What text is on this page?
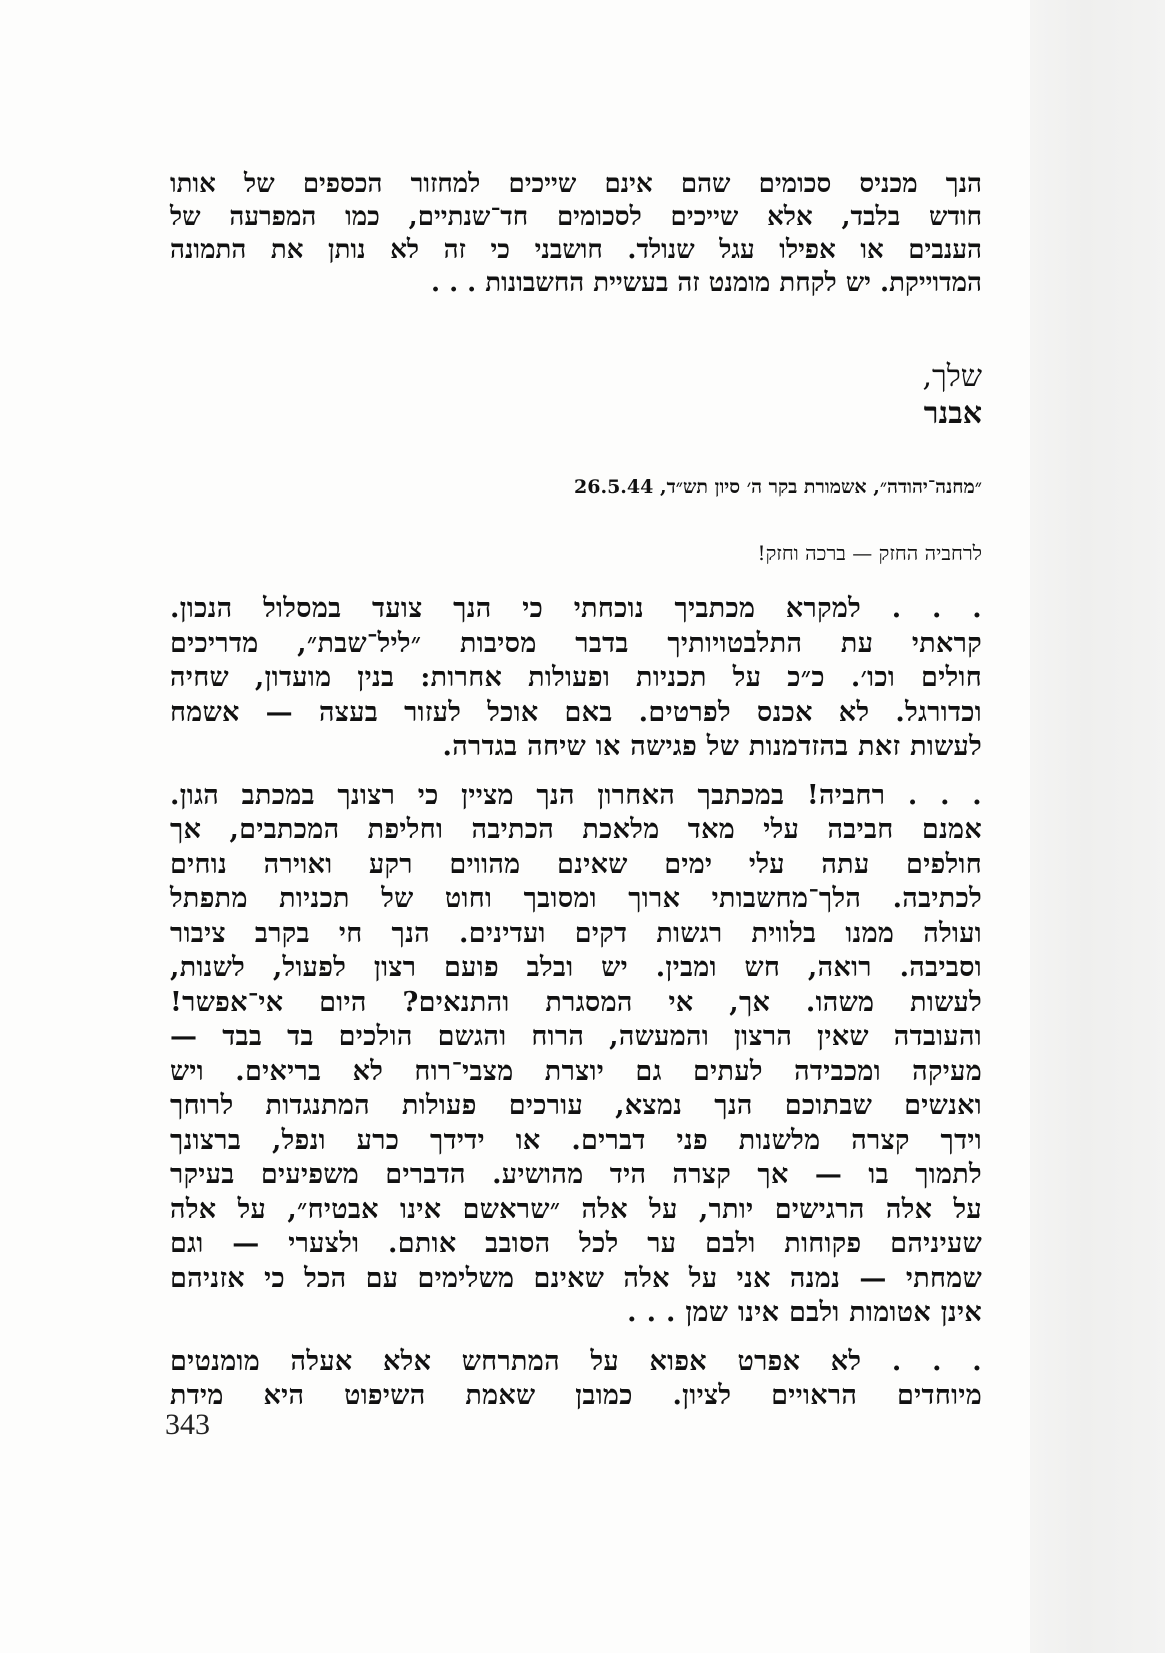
הנך מכניס סכומים שהם אינם שייכים למחזור הכספים של אותו
חודש בלבד, אלא שייכים לסכומים חד־שנתיים, כמו המפרעה של
הענבים או אפילו עגל שנולד. חושבני כי זה לא נותן את התמונה
המדוייקת. יש לקחת מומנט זה בעשיית החשבונות . . .
שלך,
אבנר
״מחנה־יהודה״, אשמורת בקר ה׳ סיון תש״ד, 26.5.44
לרחביה החזק — ברכה וחזק!
. . . למקרא מכתביך נוכחתי כי הנך צועד במסלול הנכון.
קראתי עת התלבטויותיך בדבר מסיבות ״ליל־שבת״, מדריכים
חולים וכו׳. כ״כ על תכניות ופעולות אחרות: בנין מועדון, שחיה
וכדורגל. לא אכנס לפרטים. באם אוכל לעזור בעצה — אשמח
לעשות זאת בהזדמנות של פגישה או שיחה בגדרה.
. . . רחביה! במכתבך האחרון הנך מציין כי רצונך במכתב הגון.
אמנם חביבה עלי מאד מלאכת הכתיבה וחליפת המכתבים, אך
חולפים עתה עלי ימים שאינם מהווים רקע ואוירה נוחים
לכתיבה. הלך־מחשבותי ארוך ומסובך וחוט של תכניות מתפתל
ועולה ממנו בלווית רגשות דקים ועדינים. הנך חי בקרב ציבור
וסביבה. רואה, חש ומבין. יש ובלב פועם רצון לפעול, לשנות,
לעשות משהו. אך, אי המסגרת והתנאים? היום אי־אפשר!
והעובדה שאין הרצון והמעשה, הרוח והגשם הולכים בד בבד —
מעיקה ומכבידה לעתים גם יוצרת מצבי־רוח לא בריאים. ויש
ואנשים שבתוכם הנך נמצא, עורכים פעולות המתנגדות לרוחך
וידך קצרה מלשנות פני דברים. או ידידך כרע ונפל, ברצונך
לתמוך בו — אך קצרה היד מהושיע. הדברים משפיעים בעיקר
על אלה הרגישים יותר, על אלה ״שראשם אינו אבטיח״, על אלה
שעיניהם פקוחות ולבם ער לכל הסובב אותם. ולצערי — וגם
שמחתי — נמנה אני על אלה שאינם משלימים עם הכל כי אזניהם
אינן אטומות ולבם אינו שמן . . .
. . . לא אפרט אפוא על המתרחש אלא אעלה מומנטים
מיוחדים הראויים לציון. כמובן שאמת השיפוט היא מידת
343
